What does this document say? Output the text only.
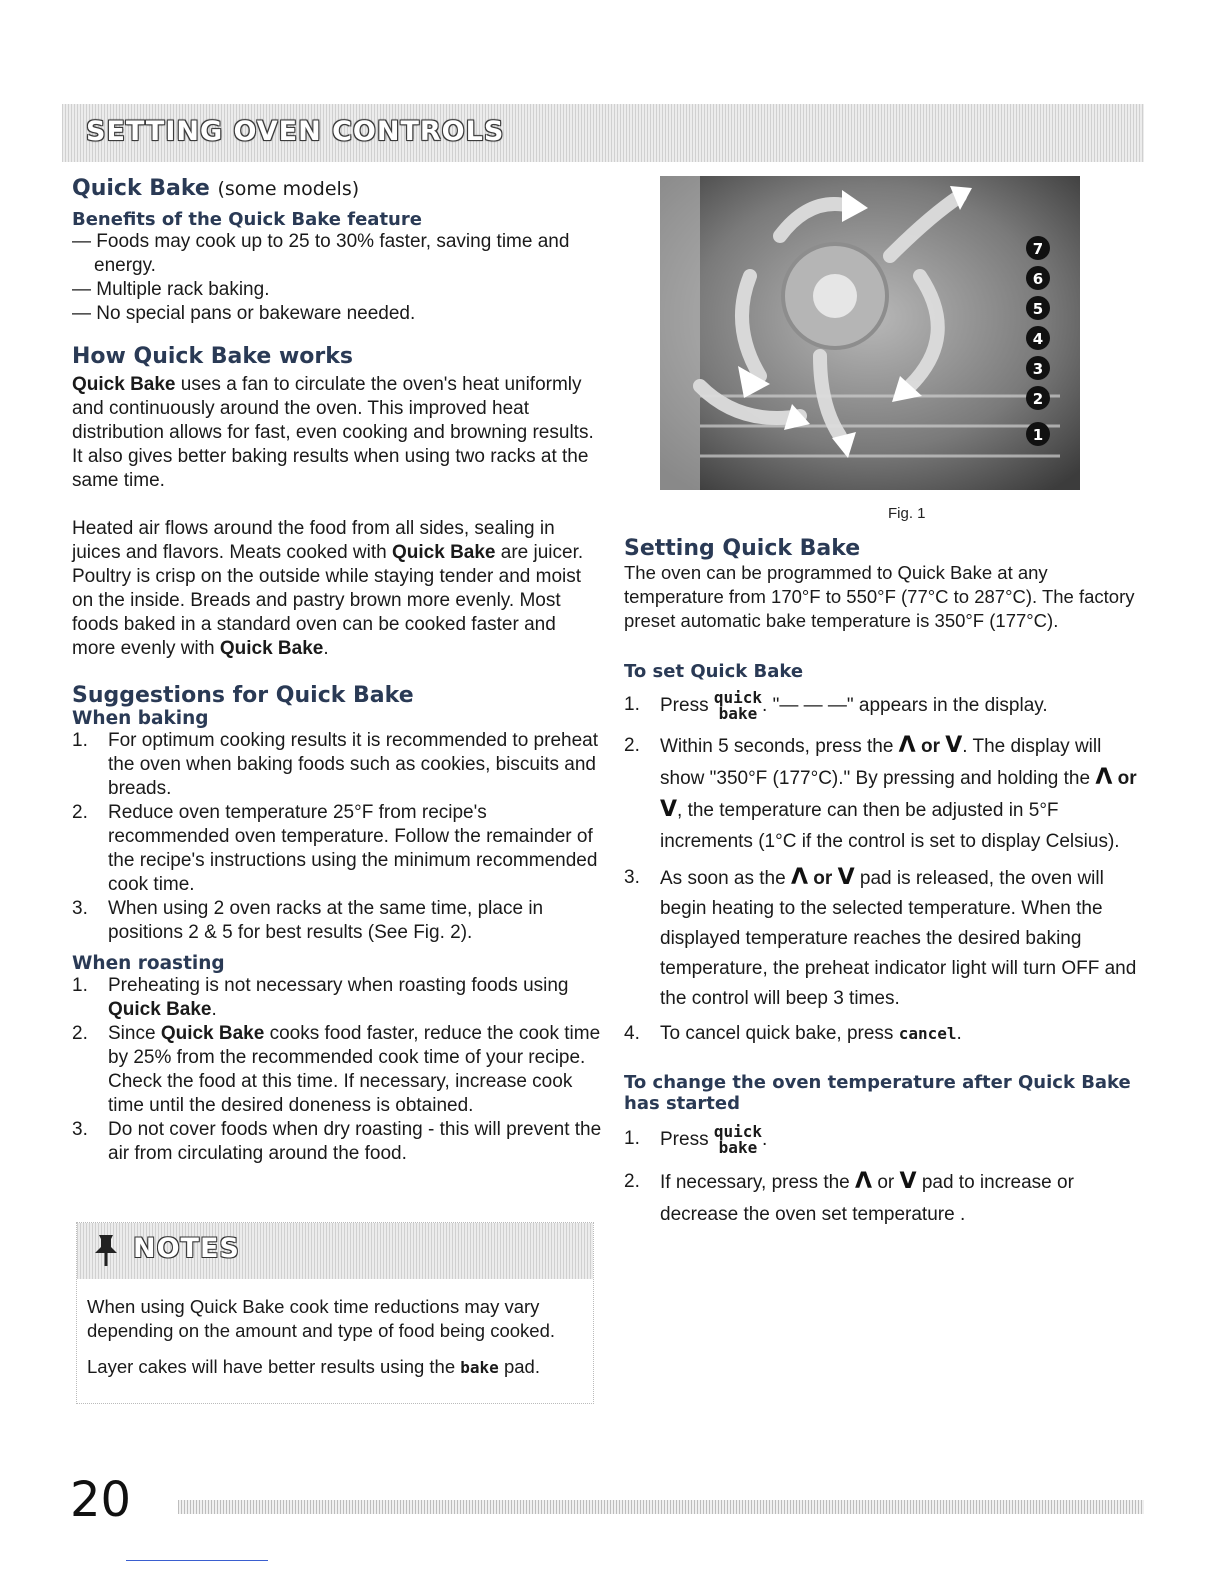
SETTING OVEN CONTROLS

Quick Bake (some models)

Benefits of the Quick Bake feature

— Foods may cook up to 25 to 30% faster, saving time and energy.

— Multiple rack baking.

— No special pans or bakeware needed.

How Quick Bake works

Quick Bake uses a fan to circulate the oven's heat uniformly and continuously around the oven. This improved heat distribution allows for fast, even cooking and browning results. It also gives better baking results when using two racks at the same time.

Heated air flows around the food from all sides, sealing in juices and flavors. Meats cooked with Quick Bake are juicer. Poultry is crisp on the outside while staying tender and moist on the inside. Breads and pastry brown more evenly. Most foods baked in a standard oven can be cooked faster and more evenly with Quick Bake.

Suggestions for Quick Bake

When baking

1. For optimum cooking results it is recommended to preheat the oven when baking foods such as cookies, biscuits and breads.
2. Reduce oven temperature 25°F from recipe's recommended oven temperature. Follow the remainder of the recipe's instructions using the minimum recommended cook time.
3. When using 2 oven racks at the same time, place in positions 2 & 5 for best results (See Fig. 2).

When roasting

1. Preheating is not necessary when roasting foods using Quick Bake.
2. Since Quick Bake cooks food faster, reduce the cook time by 25% from the recommended cook time of your recipe. Check the food at this time. If necessary, increase cook time until the desired doneness is obtained.
3. Do not cover foods when dry roasting - this will prevent the air from circulating around the food.
NOTES

When using Quick Bake cook time reductions may vary depending on the amount and type of food being cooked.

Layer cakes will have better results using the bake pad.

7
6
5
4
3
2
1
Fig. 1

Setting Quick Bake

The oven can be programmed to Quick Bake at any temperature from 170°F to 550°F (77°C to 287°C). The factory preset automatic bake temperature is 350°F (177°C).

To set Quick Bake

1. Press quick
bake . "— — —" appears in the display.
2. Within 5 seconds, press the Λ or V. The display will show "350°F (177°C)." By pressing and holding the Λ or V, the temperature can then be adjusted in 5°F increments (1°C if the control is set to display Celsius).
3. As soon as the Λ or V pad is released, the oven will begin heating to the selected temperature. When the displayed temperature reaches the desired baking temperature, the preheat indicator light will turn OFF and the control will beep 3 times.
4. To cancel quick bake, press cancel.

To change the oven temperature after Quick Bake has started

1. Press quick
bake .
2. If necessary, press the Λ or V pad to increase or decrease the oven set temperature .
20
